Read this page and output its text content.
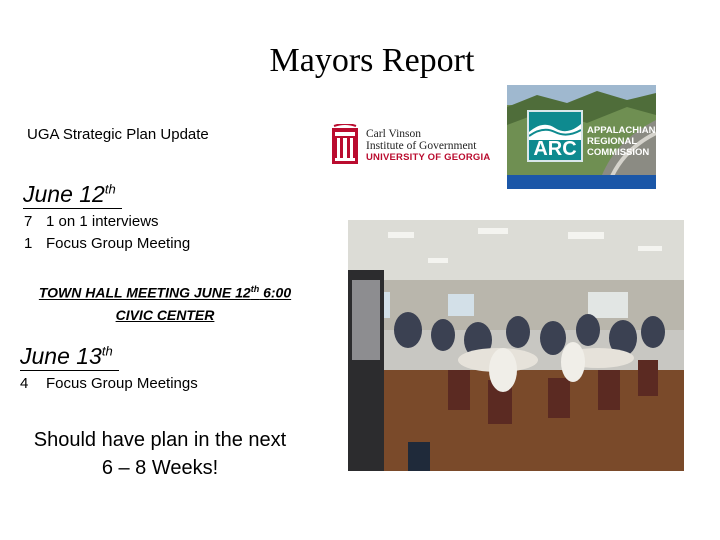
Mayors Report
UGA Strategic Plan Update	Carl Vinson
Institute of Government
UNIVERSITY OF GEORGIA	ARC
APPALACHIAN
REGIONAL
COMMISSION
June 12th
7 1 on 1 interviews
1 Focus Group Meeting
TOWN HALL MEETING JUNE 12th 6:00
CIVIC CENTER
June 13th
4 Focus Group Meetings
Should have plan in the next
6 – 8 Weeks!
